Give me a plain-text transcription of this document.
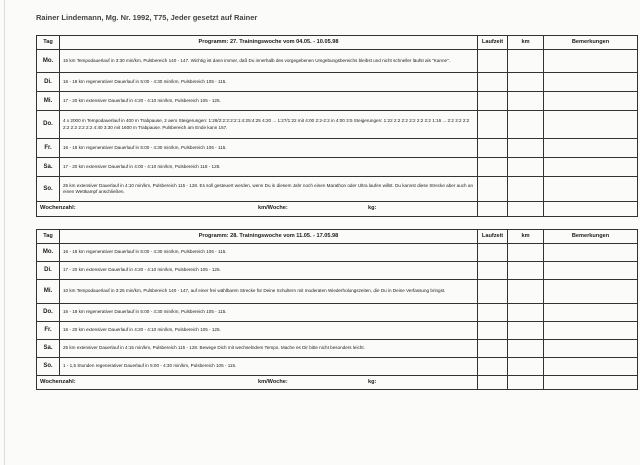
Rainer Lindemann, Mg. Nr. 1992, T75, Jeder gesetzt auf Rainer
Tag	Programm: 27. Trainingswoche vom 04.05. - 10.05.98	Laufzeit	km	Bemerkungen
Mo.	15 km Tempodauerlauf in 3:30 min/km, Pulsbereich 140 - 147. Wichtig ist dann immer, daß Du innerhalb des vorgegebenen Umgebungsbereichs bleibst und nicht schneller läufst als "Kanne".			
Di.	16 - 18 km regenerativer Dauerlauf in 5:00 - 4:30 min/km, Pulsbereich 105 - 115.			
Mi.	17 - 20 km extensiver Dauerlauf in 4:20 - 4:10 min/km, Pulsbereich 105 - 125.			
Do.	4 x 2000 m Tempodauerlauf in 400 m Trabpause, 2 aero Steigerungen: 1:28/2:2:2:2:2:1:4:25:4:25 4:20 ... 1:27/1:22 mit 4:00 2:2-2:2 in 4:00 3:5 Steigerungen: 1:22 2:2 2:2 2:2 2:2 2:2 1:16 ... 2:2 2:2 2:2 2:2 2:2 2:2 2:2 4:40 3:30 mit 1600 m Trabpause. Pulsbereich am Ende kann 157.			
Fr.	16 - 18 km regenerativer Dauerlauf in 5:00 - 4:30 min/km, Pulsbereich 105 - 115.			
Sa.	17 - 20 km extensiver Dauerlauf in 4:00 - 4:10 min/km, Pulsbereich 118 - 128.			
So.	25 km extensiver Dauerlauf in 4:10 min/km, Pulsbereich 115 - 128. Es soll gesteuert werden, wenn Du in diesem Jahr noch einen Marathon oder Ultra laufen willst. Du kannst diese Strecke aber auch an einen Wettkampf anschließen.			
Wochenzahl: km/Woche: kg:				
Tag	Programm: 28. Trainingswoche vom 11.05. - 17.05.98	Laufzeit	km	Bemerkungen
Mo.	16 - 18 km regenerativer Dauerlauf in 5:00 - 4:30 min/km, Pulsbereich 105 - 115.			
Di.	17 - 20 km extensiver Dauerlauf in 4:20 - 4:10 min/km, Pulsbereich 105 - 125.			
Mi.	10 km Tempodauerlauf in 3:25 min/km, Pulsbereich 140 - 147, auf einer frei wählbaren Strecke für Deine Schultern mit moderaten Wiederholungszeiten, die Du in Deine Verfassung bringst.			
Do.	16 - 18 km regenerativer Dauerlauf in 5:00 - 4:30 min/km, Pulsbereich 105 - 115.			
Fr.	16 - 20 km extensiver Dauerlauf in 4:20 - 4:10 min/km, Pulsbereich 105 - 125.			
Sa.	25 km extensiver Dauerlauf in 4:15 min/km, Pulsbereich 115 - 128. Bewege Dich mit wechselndem Tempo. Mache es Dir bitte nicht besonders leicht.			
So.	1 - 1,5 Stunden regenerativer Dauerlauf in 5:00 - 4:30 min/km, Pulsbereich 105 - 115.			
Wochenzahl: km/Woche: kg:				
